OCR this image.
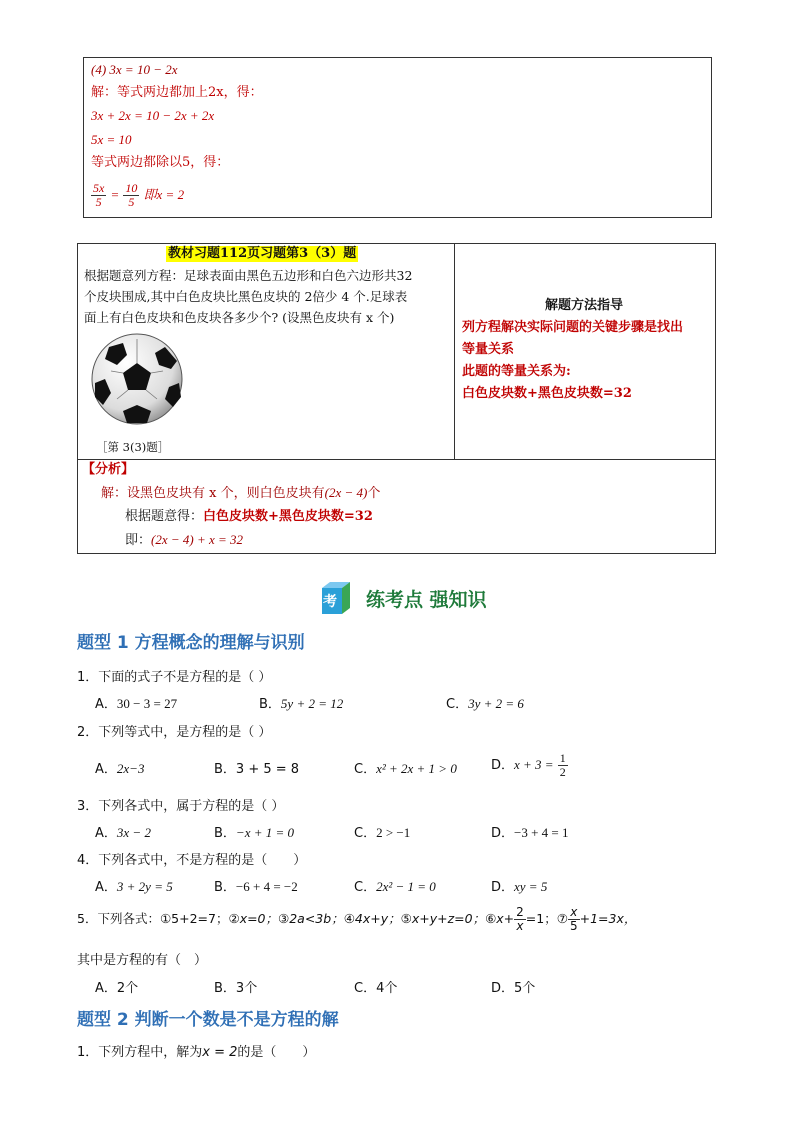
(4) 3x = 10 − 2x
解：等式两边都加上2x，得：
3x + 2x = 10 − 2x + 2x
5x = 10
等式两边都除以5，得：
$\frac{5x}{5} = \frac{10}{5}$ 即x = 2
教材习题112页习题第3（3）题
根据题意列方程：足球表面由黑色五边形和白色六边形共32
个皮块围成,其中白色皮块比黑色皮块的 2倍少 4 个.足球表
面上有白色皮块和色皮块各多少个? (设黑色皮块有 x 个)
［第 3(3)题］
解题方法指导
列方程解决实际问题的关键步骤是找出
等量关系
此题的等量关系为:
白色皮块数+黑色皮块数=32
【分析】
解：设黑色皮块有 x 个，则白色皮块有(2x − 4)个
根据题意得：白色皮块数+黑色皮块数=32
即：(2x − 4) + x = 32
考 练考点 强知识
题型 1 方程概念的理解与识别
1．下面的式子不是方程的是（ ）
A．30 − 3 = 27	B．5y + 2 = 12	C．3y + 2 = 6
2．下列等式中，是方程的是（ ）
A．2x−3	B．3 + 5 = 8	C．x² + 2x + 1 > 0	D．$x + 3 = \frac{1}{2}$
3．下列各式中，属于方程的是（ ）
A．3x − 2	B．−x + 1 = 0	C．2 > −1	D．−3 + 4 = 1
4．下列各式中，不是方程的是（　　）
A．3 + 2y = 5	B．−6 + 4 = −2	C．2x² − 1 = 0	D．xy = 5
5．下列各式：①5+2=7；②x=0；③2a<3b；④4x+y；⑤x+y+z=0；⑥x+ $\frac{2}{x} =1$；⑦ $\frac{x}{5} +1=3x$，
其中是方程的有（　）
A．2个	B．3个	C．4个	D．5个
题型 2 判断一个数是不是方程的解
1．下列方程中，解为x = 2的是（　　）
